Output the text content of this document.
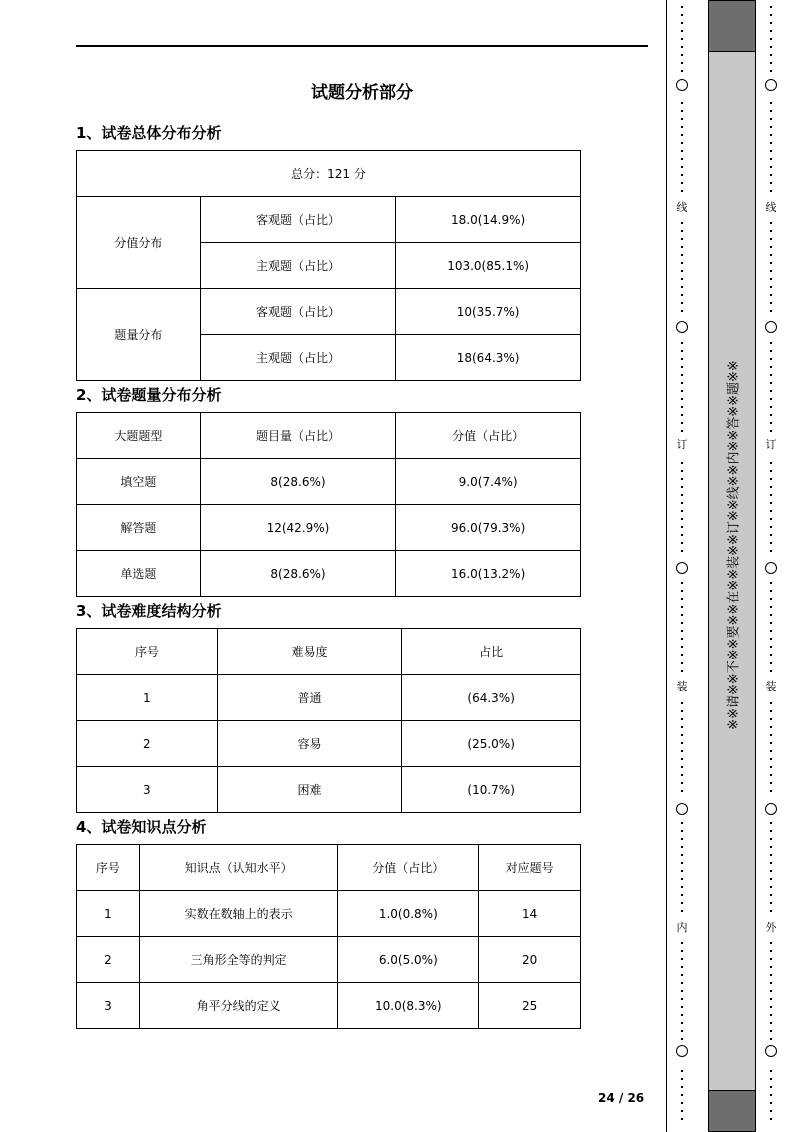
试题分析部分
1、试卷总体分布分析
总分：121 分		
分值分布	客观题（占比）	18.0(14.9%)
	主观题（占比）	103.0(85.1%)
题量分布	客观题（占比）	10(35.7%)
	主观题（占比）	18(64.3%)
2、试卷题量分布分析
大题题型	题目量（占比）	分值（占比）
填空题	8(28.6%)	9.0(7.4%)
解答题	12(42.9%)	96.0(79.3%)
单选题	8(28.6%)	16.0(13.2%)
3、试卷难度结构分析
序号	难易度	占比
1	普通	(64.3%)
2	容易	(25.0%)
3	困难	(10.7%)
4、试卷知识点分析
序号	知识点（认知水平）	分值（占比）	对应题号
1	实数在数轴上的表示	1.0(0.8%)	14
2	三角形全等的判定	6.0(5.0%)	20
3	角平分线的定义	10.0(8.3%)	25
24 / 26
线
订
装
内
※※请※※不※※要※※在※※装※※订※※线※※内※※答※※题※※
线
订
装
外
